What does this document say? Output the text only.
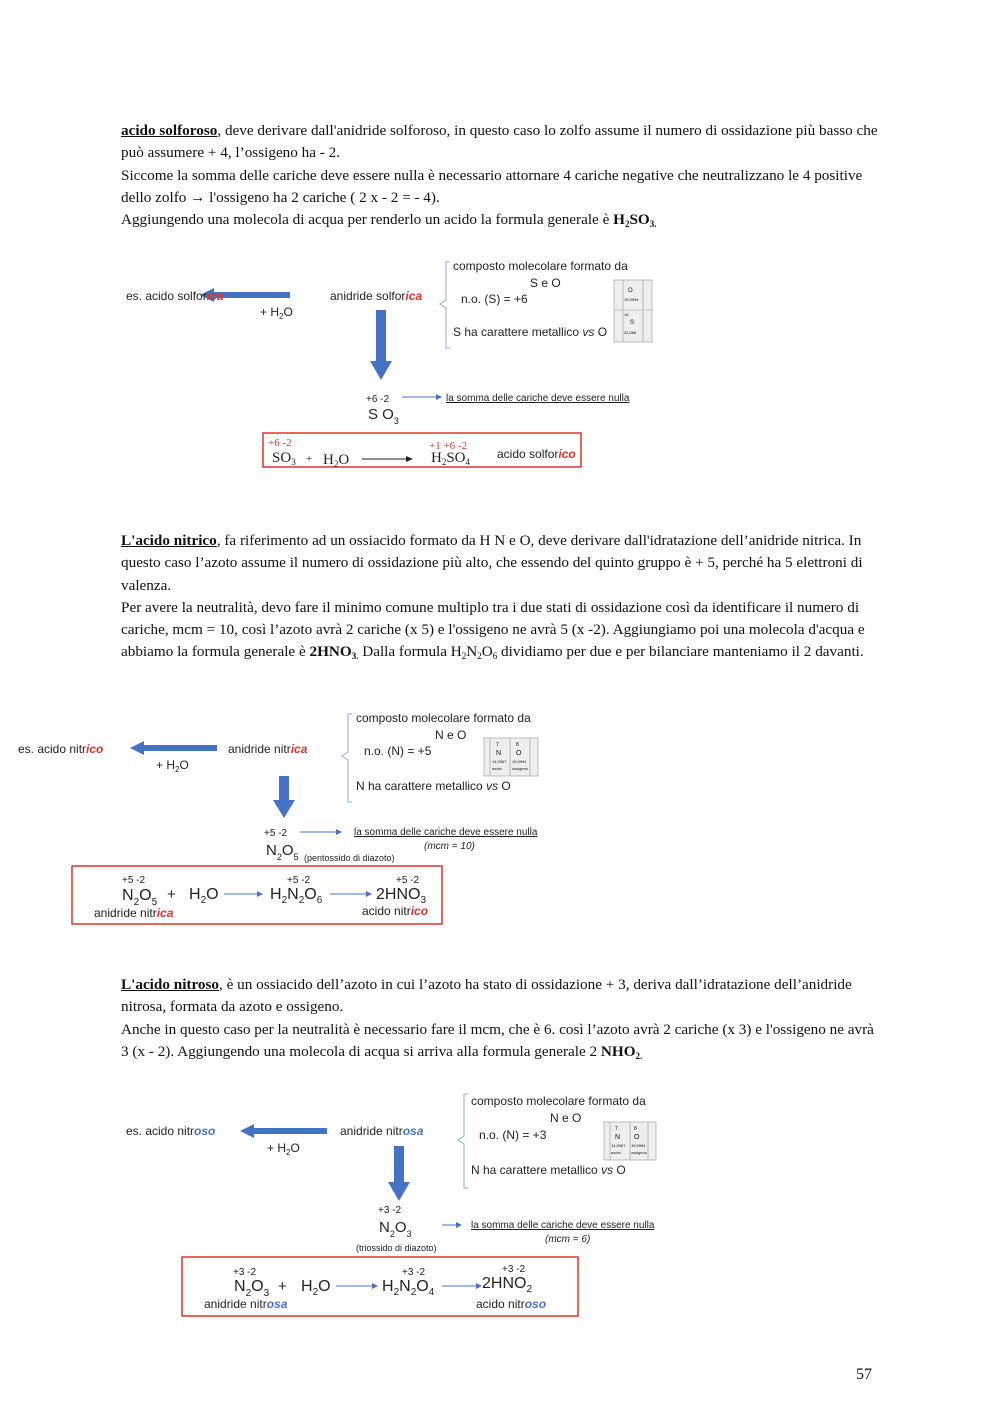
acido solforoso, deve derivare dall'anidride solforoso, in questo caso lo zolfo assume il numero di ossidazione più basso che può assumere + 4, l’ossigeno ha - 2.

Siccome la somma delle cariche deve essere nulla è necessario attornare 4 cariche negative che neutralizzano le 4 positive dello zolfo → l'ossigeno ha 2 cariche ( 2 x - 2 = - 4).

Aggiungendo una molecola di acqua per renderlo un acido la formula generale è $H_2SO_{3.}$

es. acido solforica
+ $H_2O$
anidride solforica
composto molecolare formato da
S e O
n.o. (S) = +6
S ha carattere metallico vs O
O
15,9994
16
S
32,066
+6 -2
S $O_3$
la somma delle cariche deve essere nulla
+6 -2
$SO_3 + H_2O$
+1 +6 -2
$H_2SO_4$
acido solforico

L'acido nitrico, fa riferimento ad un ossiacido formato da H N e O, deve derivare dall'idratazione dell’anidride nitrica. In questo caso l’azoto assume il numero di ossidazione più alto, che essendo del quinto gruppo è + 5, perché ha 5 elettroni di valenza.

Per avere la neutralità, devo fare il minimo comune multiplo tra i due stati di ossidazione così da identificare il numero di cariche, mcm = 10, così l’azoto avrà 2 cariche (x 5) e l'ossigeno ne avrà 5 (x -2). Aggiungiamo poi una molecola d'acqua e abbiamo la formula generale è $2HNO_{3.}$ Dalla formula $H_2N_2O_6$ dividiamo per due e per bilanciare manteniamo il 2 davanti.

es. acido nitrico
+ $H_2O$
anidride nitrica
composto molecolare formato da
N e O
n.o. (N) = +5
N ha carattere metallico vs O
7
N
14,0067
8
O
15,9994
azoto	ossigeno
+5 -2
$N_2O_5$ (pentossido di diazoto)
la somma delle cariche deve essere nulla
(mcm = 10)
+5 -2
$N_2O_5 + H_2O$
+5 -2
$H_2N_2O_6$
+5 -2
$2HNO_3$
anidride nitrica	acido nitrico

L'acido nitroso, è un ossiacido dell’azoto in cui l’azoto ha stato di ossidazione + 3, deriva dall’idratazione dell’anidride nitrosa, formata da azoto e ossigeno.

Anche in questo caso per la neutralità è necessario fare il mcm, che è 6. così l’azoto avrà 2 cariche (x 3) e l'ossigeno ne avrà 3 (x - 2). Aggiungendo una molecola di acqua si arriva alla formula generale 2 $NHO_{2.}$

es. acido nitroso
+ $H_2O$
anidride nitrosa
composto molecolare formato da
N e O
n.o. (N) = +3
N ha carattere metallico vs O
7
N
14,0067
8
O
15,9994
azoto	ossigeno
+3 -2
$N_2O_3$
(triossido di diazoto)
la somma delle cariche deve essere nulla
(mcm = 6)
+3 -2
$N_2O_3 + H_2O$
+3 -2
$H_2N_2O_4$
+3 -2
$2HNO_2$
anidride nitrosa	acido nitroso
57
